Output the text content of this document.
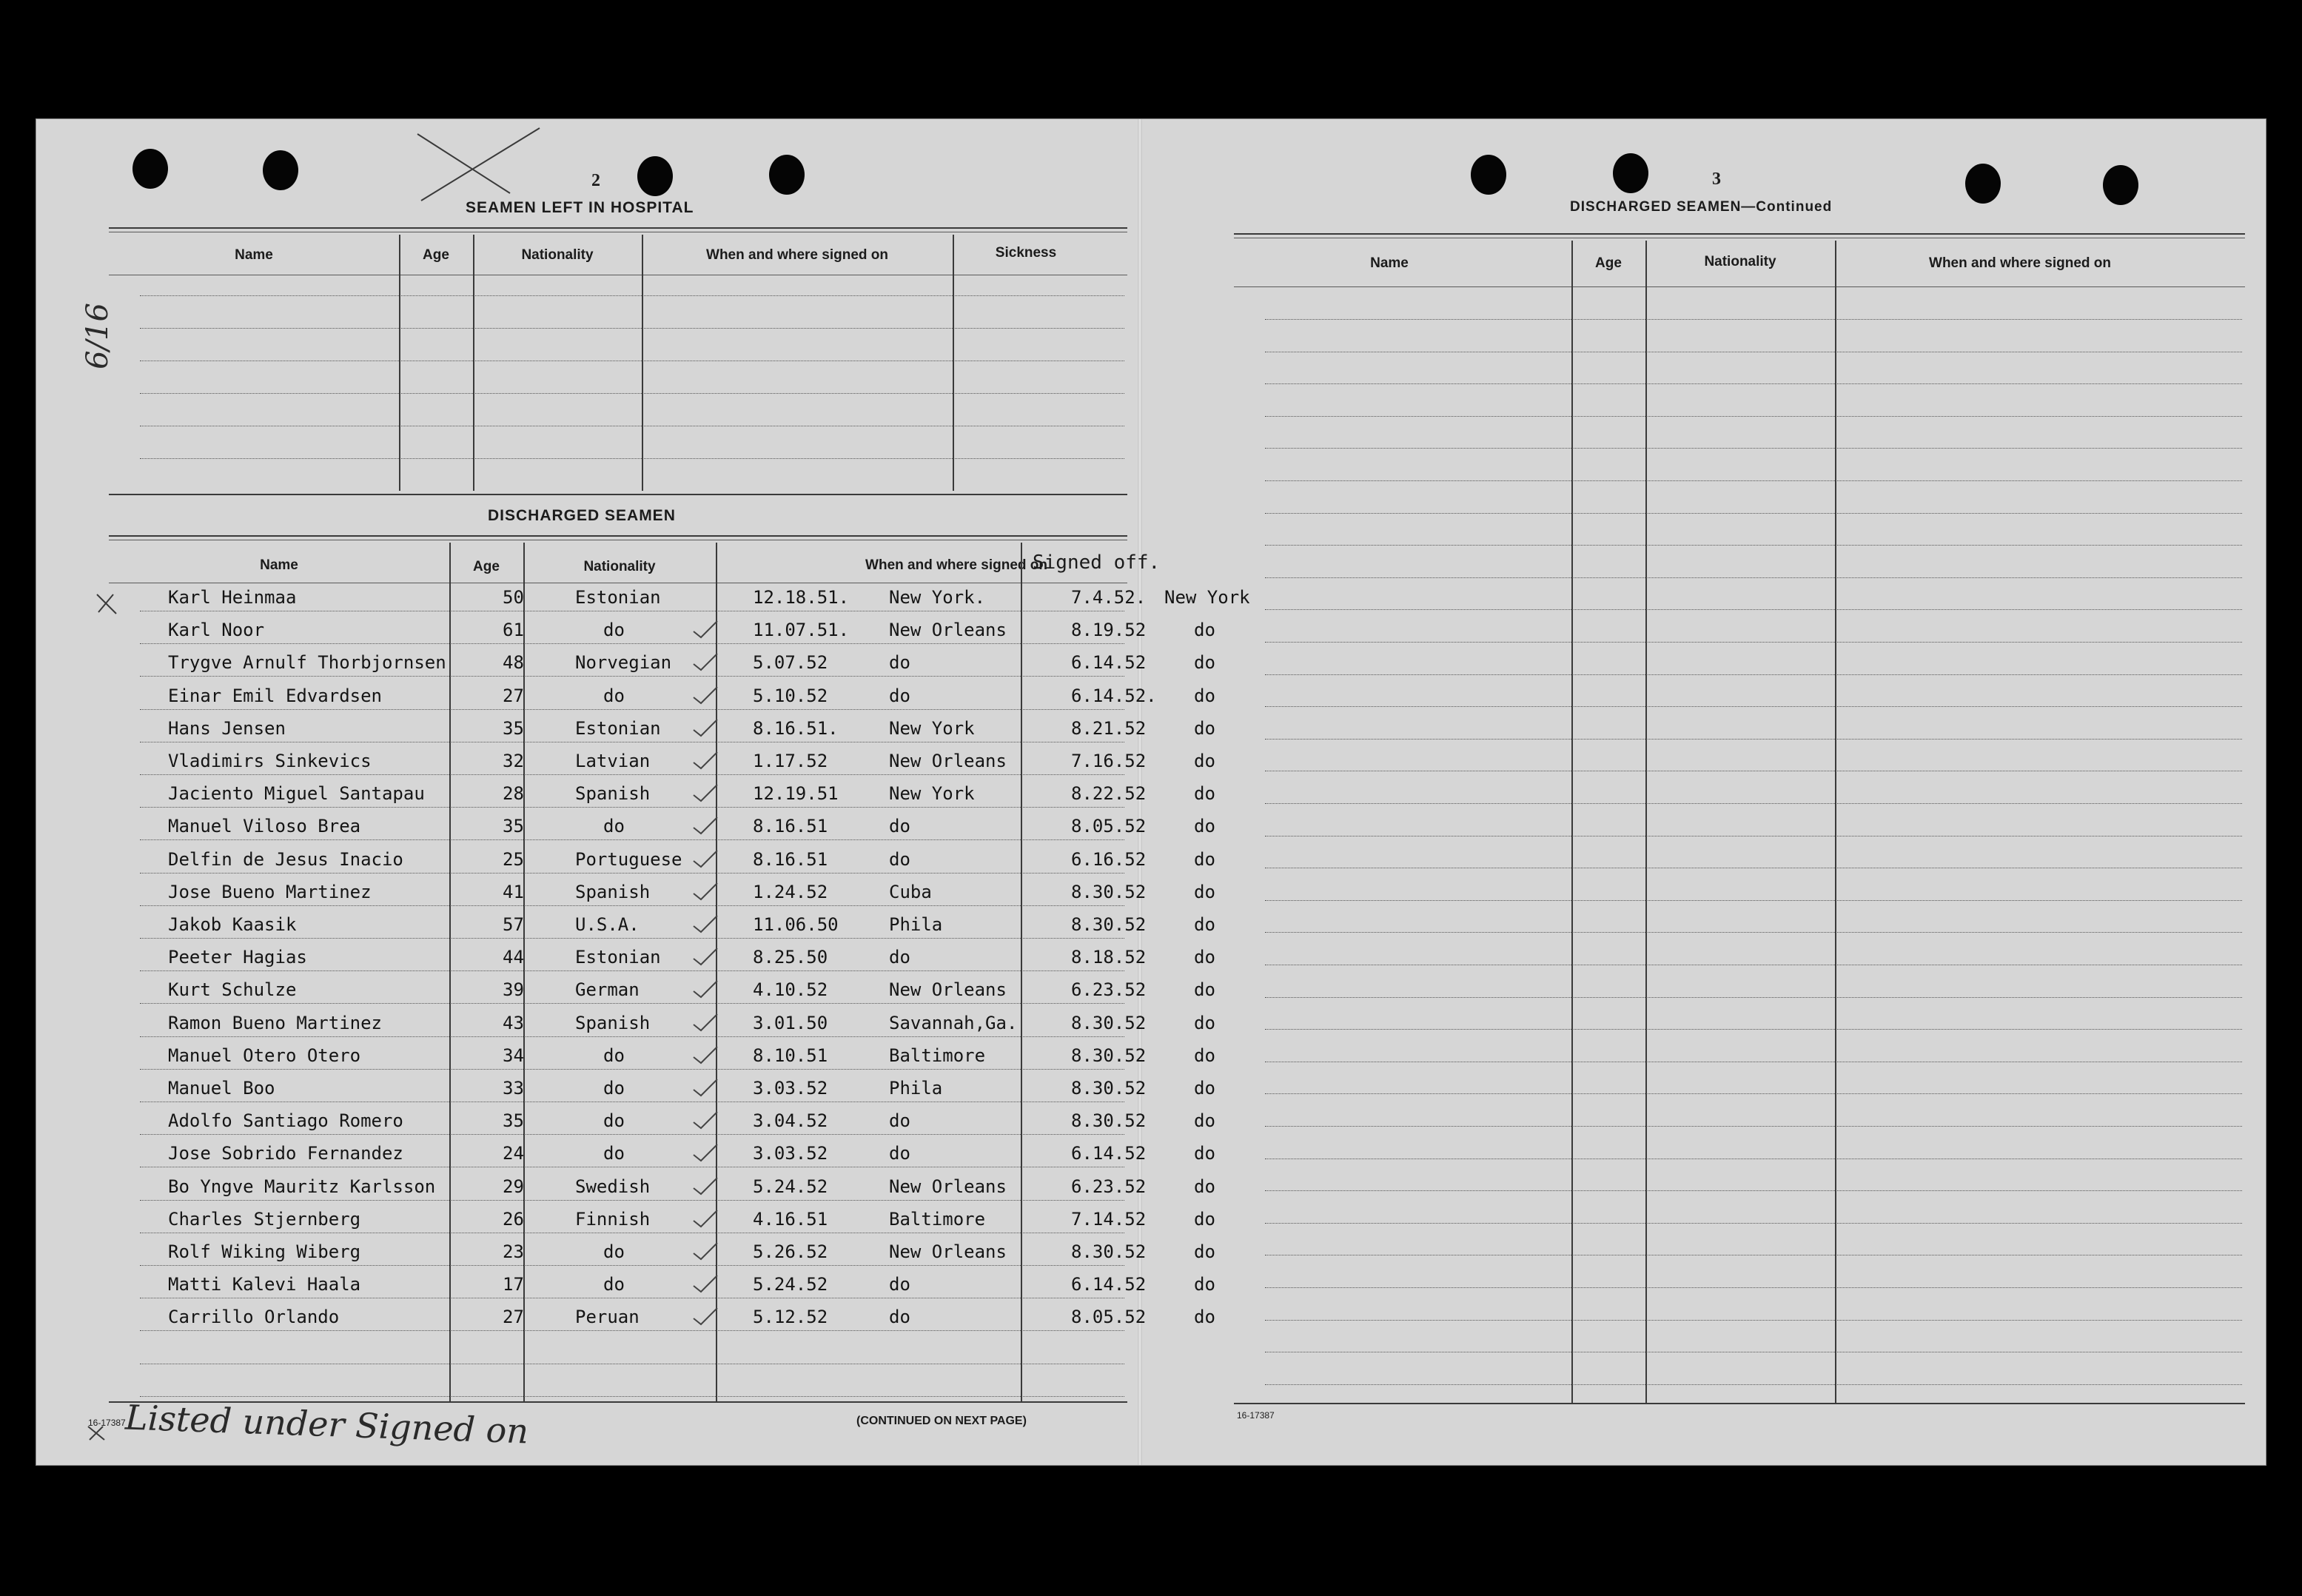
2
SEAMEN LEFT IN HOSPITAL
Name	Age	Nationality	When and where signed on	Sickness
DISCHARGED SEAMEN
Name	Age	Nationality	When and where signed on
Signed off.
Karl Heinmaa	50	Estonian	12.18.51. New York.	7.4.52. New York
Karl Noor	61	do	11.07.51. New Orleans	8.19.52	do
Trygve Arnulf Thorbjornsen	48	Norvegian	5.07.52	do	6.14.52	do
Einar Emil Edvardsen	27	do	5.10.52	do	6.14.52. do
Hans Jensen	35	Estonian	8.16.51.	New York	8.21.52	do
Vladimirs Sinkevics	32	Latvian	1.17.52	New Orleans	7.16.52	do
Jaciento Miguel Santapau	28	Spanish	12.19.51	New York	8.22.52	do
Manuel Viloso Brea	35	do	8.16.51	do	8.05.52	do
Delfin de Jesus Inacio	25	Portuguese	8.16.51	do	6.16.52	do
Jose Bueno Martinez	41	Spanish	1.24.52	Cuba	8.30.52	do
Jakob Kaasik	57	U.S.A.	11.06.50	Phila	8.30.52	do
Peeter Hagias	44	Estonian	8.25.50	do	8.18.52	do
Kurt Schulze	39	German	4.10.52	New Orleans	6.23.52	do
Ramon Bueno Martinez	43	Spanish	3.01.50	Savannah,Ga.	8.30.52	do
Manuel Otero Otero	34	do	8.10.51	Baltimore	8.30.52	do
Manuel Boo	33	do	3.03.52	Phila	8.30.52	do
Adolfo Santiago Romero	35	do	3.04.52	do	8.30.52	do
Jose Sobrido Fernandez	24	do	3.03.52	do	6.14.52	do
Bo Yngve Mauritz Karlsson	29	Swedish	5.24.52	New Orleans	6.23.52	do
Charles Stjernberg	26	Finnish	4.16.51	Baltimore	7.14.52	do
Rolf Wiking Wiberg	23	do	5.26.52	New Orleans	8.30.52	do
Matti Kalevi Haala	17	do	5.24.52	do	6.14.52	do
Carrillo Orlando	27	Peruan	5.12.52	do	8.05.52	do
16-17387	(CONTINUED ON NEXT PAGE)
Listed under Signed on
6/16
3
DISCHARGED SEAMEN—Continued
Name	Age	Nationality	When and where signed on
16-17387
